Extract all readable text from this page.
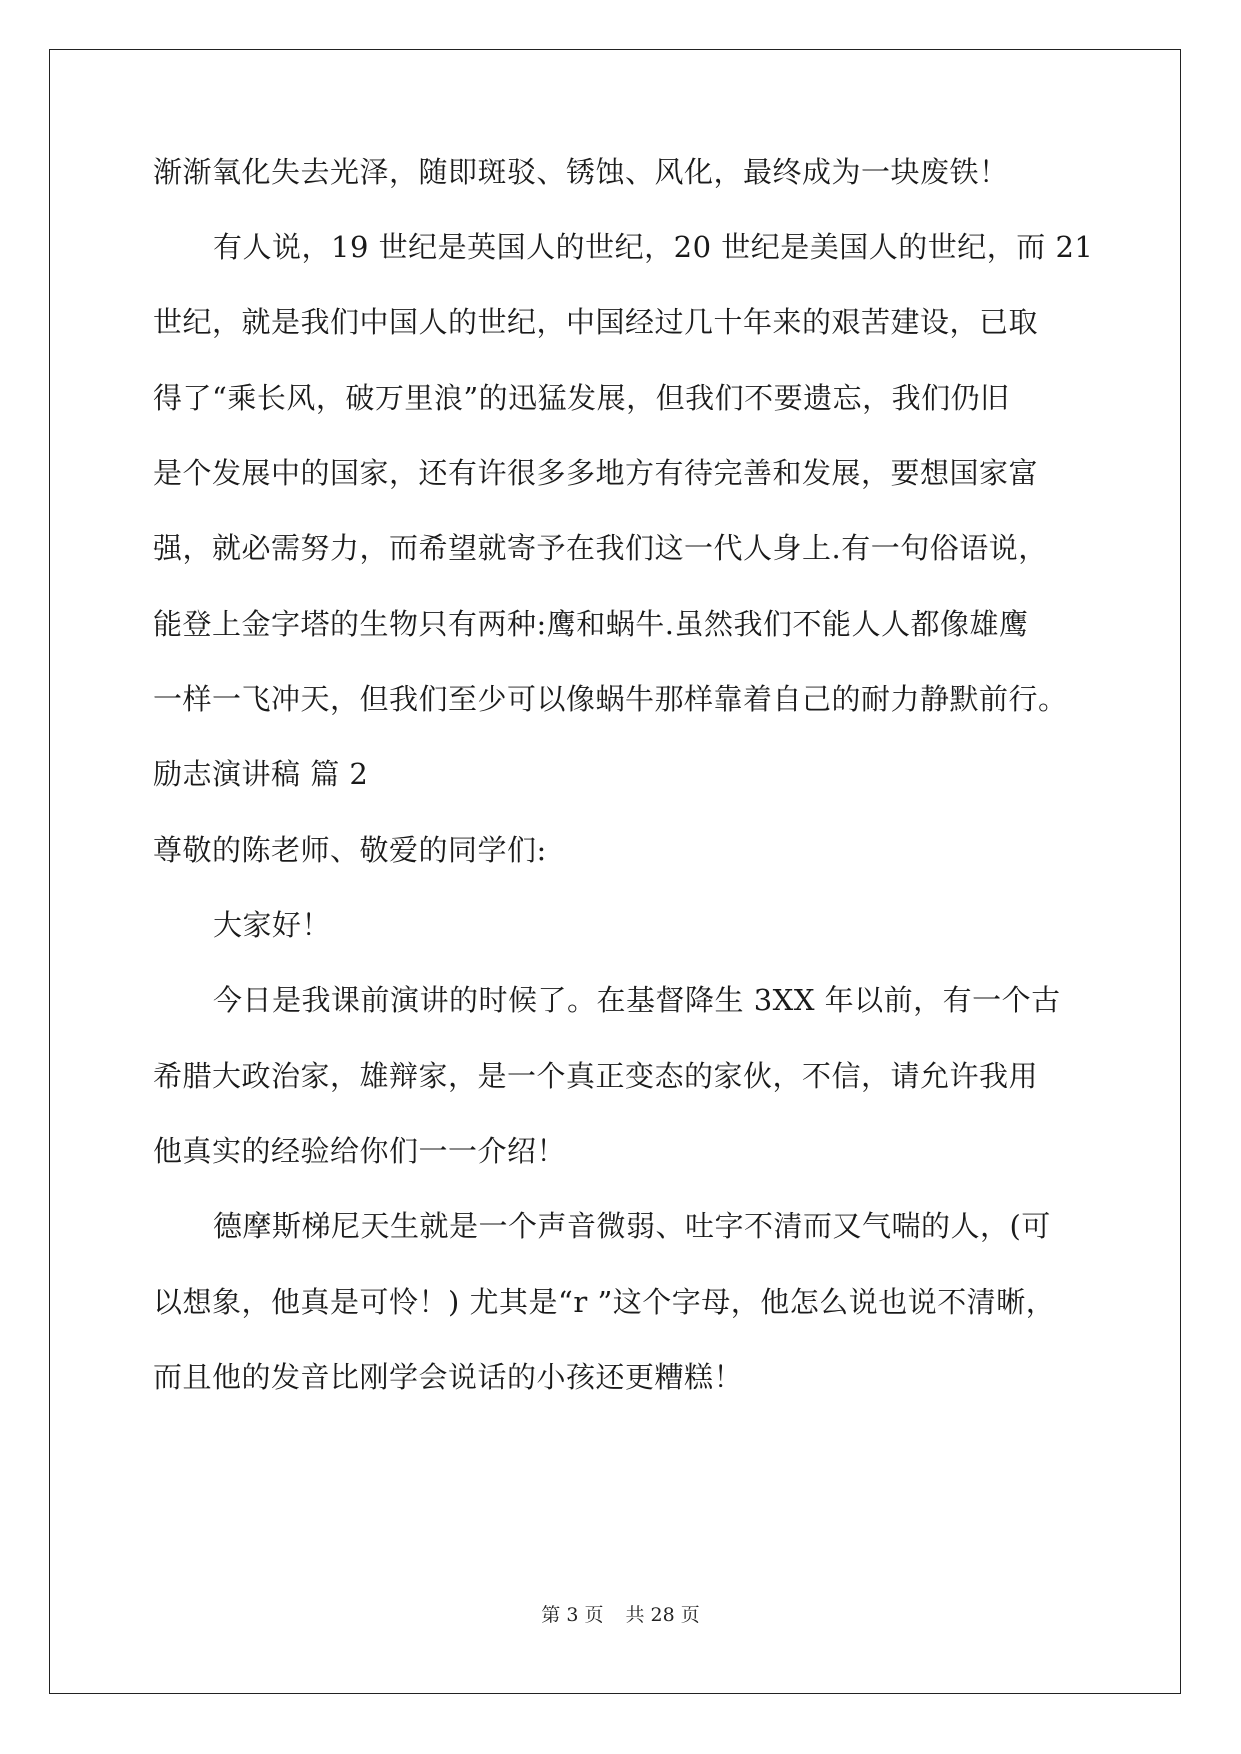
渐渐氧化失去光泽，随即斑驳、锈蚀、风化，最终成为一块废铁！
有人说，19 世纪是英国人的世纪，20 世纪是美国人的世纪，而 21
世纪，就是我们中国人的世纪，中国经过几十年来的艰苦建设，已取
得了“乘长风，破万里浪”的迅猛发展，但我们不要遗忘，我们仍旧
是个发展中的国家，还有许很多多地方有待完善和发展，要想国家富
强，就必需努力，而希望就寄予在我们这一代人身上.有一句俗语说，
能登上金字塔的生物只有两种:鹰和蜗牛.虽然我们不能人人都像雄鹰
一样一飞冲天，但我们至少可以像蜗牛那样靠着自己的耐力静默前行。
励志演讲稿 篇 2
尊敬的陈老师、敬爱的同学们:
大家好！
今日是我课前演讲的时候了。在基督降生 3XX 年以前，有一个古
希腊大政治家，雄辩家，是一个真正变态的家伙，不信，请允许我用
他真实的经验给你们一一介绍！
德摩斯梯尼天生就是一个声音微弱、吐字不清而又气喘的人，(可
以想象，他真是可怜！) 尤其是“r ”这个字母，他怎么说也说不清晰，
而且他的发音比刚学会说话的小孩还更糟糕！
第 3 页 共 28 页
